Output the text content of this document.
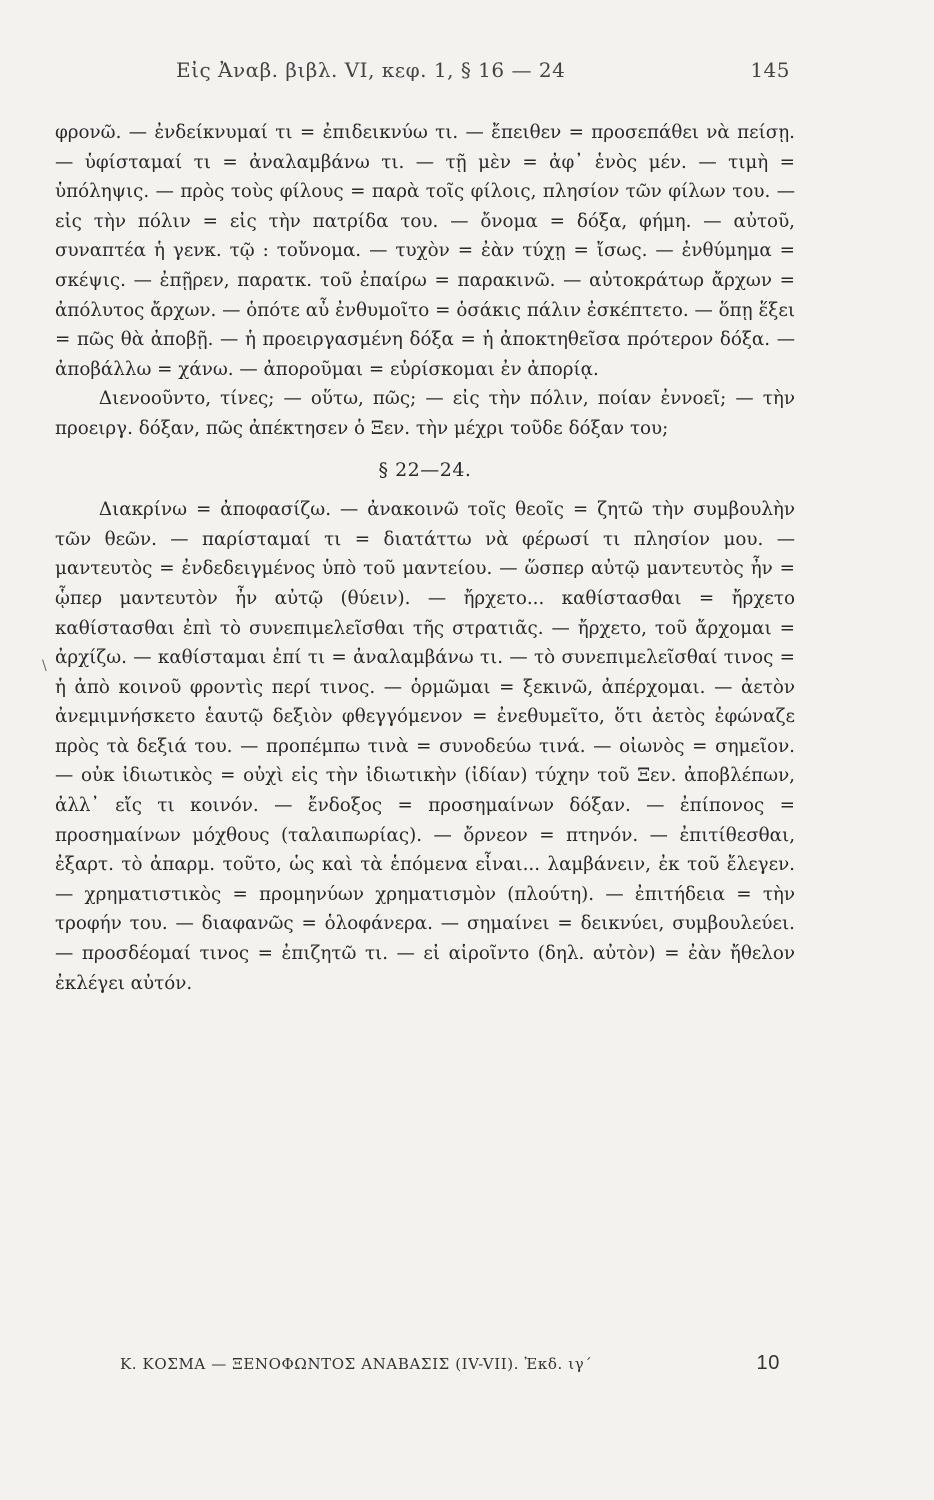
Εἰς Ἀναβ. βιβλ. VI, κεφ. 1, § 16 — 24	145

φρονῶ. — ἐνδείκνυμαί τι = ἐπιδεικνύω τι. — ἔπειθεν = προσεπάθει νὰ πείσῃ. — ὑφίσταμαί τι = ἀναλαμβάνω τι. — τῇ μὲν = ἀφ᾽ ἑνὸς μέν. — τιμὴ = ὑπόληψις. — πρὸς τοὺς φίλους = παρὰ τοῖς φίλοις, πλησίον τῶν φίλων του. — εἰς τὴν πόλιν = εἰς τὴν πατρίδα του. — ὄνομα = δόξα, φήμη. — αὐτοῦ, συναπτέα ἡ γενκ. τῷ : τοὔνομα. — τυχὸν = ἐὰν τύχῃ = ἴσως. — ἐνθύμημα = σκέψις. — ἐπῇρεν, παρατκ. τοῦ ἐπαίρω = παρακινῶ. — αὐτοκράτωρ ἄρχων = ἀπόλυτος ἄρχων. — ὁπότε αὖ ἐνθυμοῖτο = ὁσάκις πάλιν ἐσκέπτετο. — ὅπῃ ἕξει = πῶς θὰ ἀποβῇ. — ἡ προειργασμένη δόξα = ἡ ἀποκτηθεῖσα πρότερον δόξα. — ἀποβάλλω = χάνω. — ἀποροῦμαι = εὑρίσκομαι ἐν ἀπορίᾳ.

Διενοοῦντο, τίνες; — οὕτω, πῶς; — εἰς τὴν πόλιν, ποίαν ἐννοεῖ; — τὴν προειργ. δόξαν, πῶς ἀπέκτησεν ὁ Ξεν. τὴν μέχρι τοῦδε δόξαν του;

§ 22—24.

Διακρίνω = ἀποφασίζω. — ἀνακοινῶ τοῖς θεοῖς = ζητῶ τὴν συμβουλὴν τῶν θεῶν. — παρίσταμαί τι = διατάττω νὰ φέρωσί τι πλησίον μου. — μαντευτὸς = ἐνδεδειγμένος ὑπὸ τοῦ μαντείου. — ὥσπερ αὐτῷ μαντευτὸς ἦν = ᾧπερ μαντευτὸν ἦν αὐτῷ (θύειν). — ἤρχετο... καθίστασθαι = ἤρχετο καθίστασθαι ἐπὶ τὸ συνεπιμελεῖσθαι τῆς στρατιᾶς. — ἤρχετο, τοῦ ἄρχομαι = ἀρχίζω. — καθίσταμαι ἐπί τι = ἀναλαμβάνω τι. — τὸ συνεπιμελεῖσθαί τινος = ἡ ἀπὸ κοινοῦ φροντὶς περί τινος. — ὁρμῶμαι = ξεκινῶ, ἀπέρχομαι. — ἀετὸν ἀνεμιμνήσκετο ἑαυτῷ δεξιὸν φθεγγόμενον = ἐνεθυμεῖτο, ὅτι ἀετὸς ἐφώναζε πρὸς τὰ δεξιά του. — προπέμπω τινὰ = συνοδεύω τινά. — οἰωνὸς = σημεῖον. — οὐκ ἰδιωτικὸς = οὐχὶ εἰς τὴν ἰδιωτικὴν (ἰδίαν) τύχην τοῦ Ξεν. ἀποβλέπων, ἀλλ᾽ εἴς τι κοινόν. — ἔνδοξος = προσημαίνων δόξαν. — ἐπίπονος = προσημαίνων μόχθους (ταλαιπωρίας). — ὄρνεον = πτηνόν. — ἐπιτίθεσθαι, ἐξαρτ. τὸ ἀπαρμ. τοῦτο, ὡς καὶ τὰ ἑπόμενα εἶναι... λαμβάνειν, ἐκ τοῦ ἔλεγεν. — χρηματιστικὸς = προμηνύων χρηματισμὸν (πλούτη). — ἐπιτήδεια = τὴν τροφήν του. — διαφανῶς = ὁλοφάνερα. — σημαίνει = δεικνύει, συμβουλεύει. — προσδέομαί τινος = ἐπιζητῶ τι. — εἰ αἱροῖντο (δηλ. αὐτὸν) = ἐὰν ἤθελον ἐκλέγει αὐτόν.

\
Κ. ΚΟΣΜΑ — ΞΕΝΟΦΩΝΤΟΣ ΑΝΑΒΑΣΙΣ (IV-VII). Ἐκδ. ιγ΄	10
